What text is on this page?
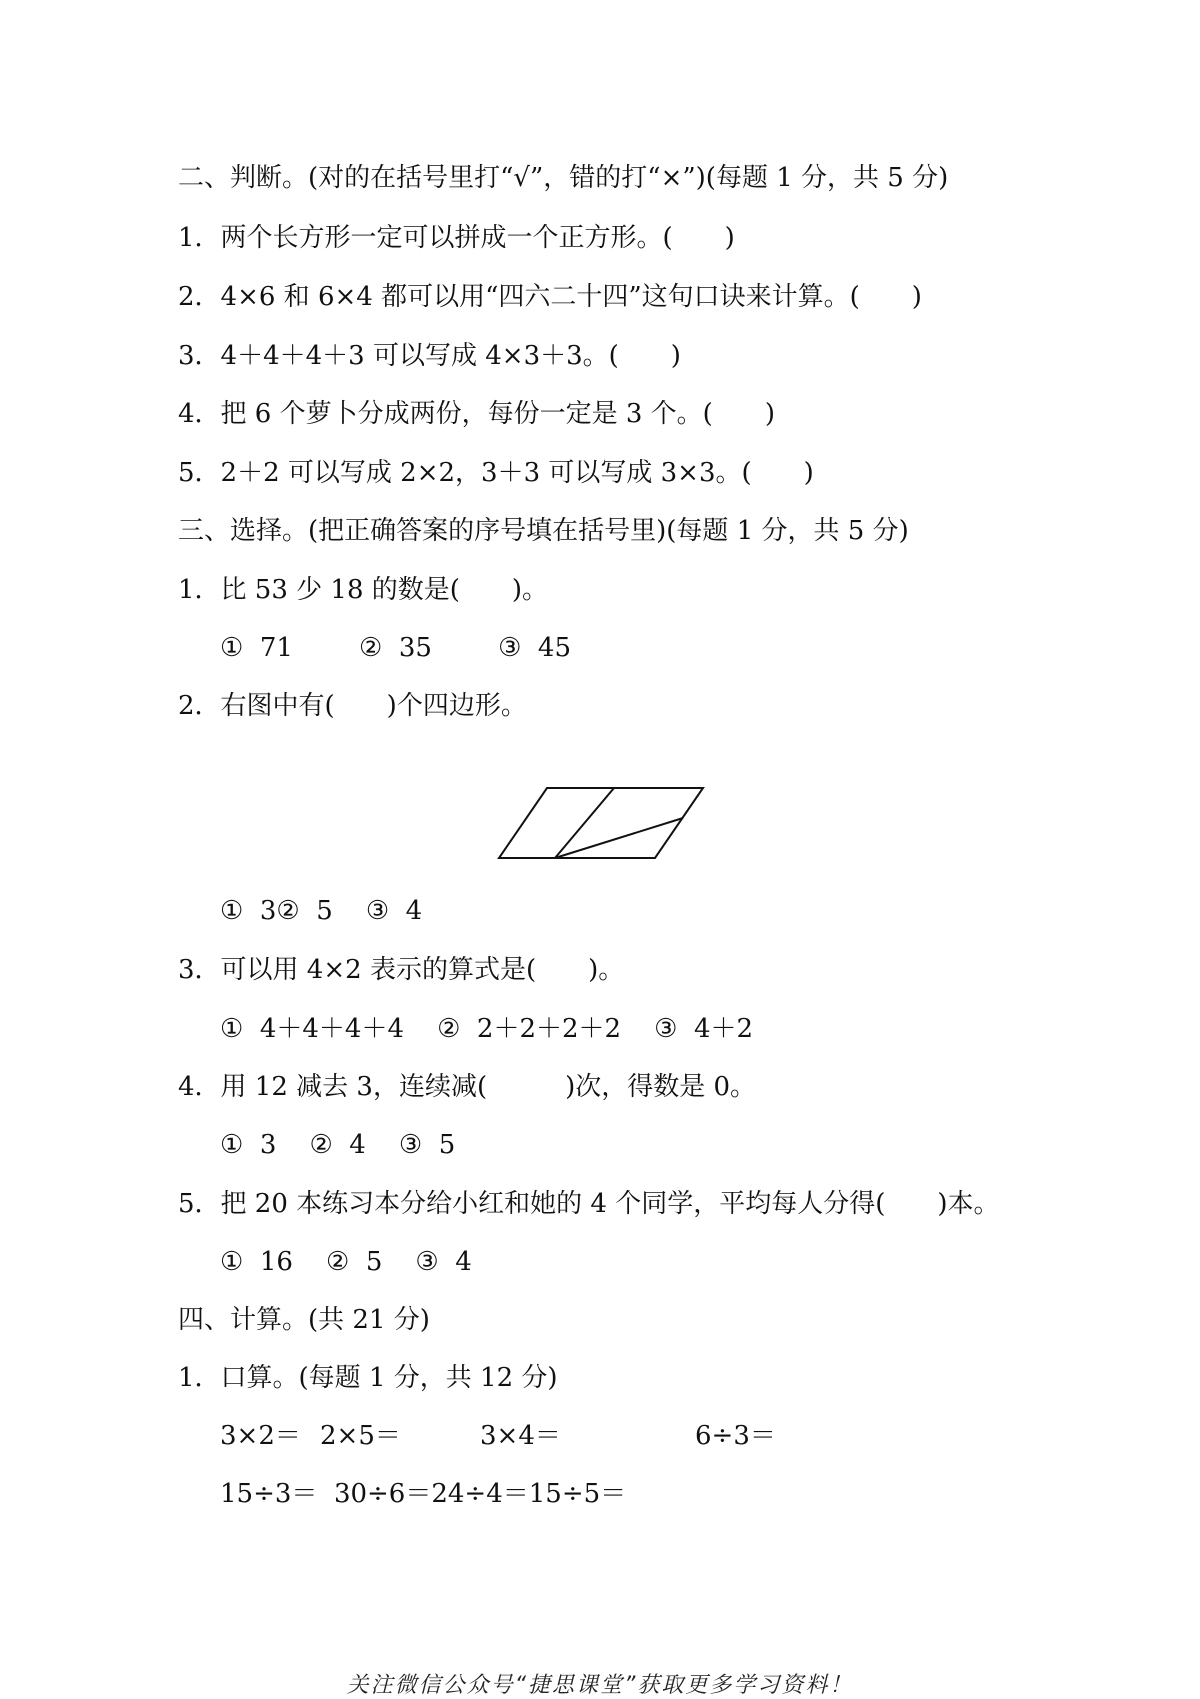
二、判断。(对的在括号里打“√”，错的打“×”)(每题 1 分，共 5 分)
1．两个长方形一定可以拼成一个正方形。(　　)
2．4×6 和 6×4 都可以用“四六二十四”这句口诀来计算。(　　)
3．4＋4＋4＋3 可以写成 4×3＋3。(　　)
4．把 6 个萝卜分成两份，每份一定是 3 个。(　　)
5．2＋2 可以写成 2×2，3＋3 可以写成 3×3。(　　)
三、选择。(把正确答案的序号填在括号里)(每题 1 分，共 5 分)
1．比 53 少 18 的数是(　　)。
①  71        ②  35        ③  45
2．右图中有(　　)个四边形。
①  3②  5    ③  4
3．可以用 4×2 表示的算式是(　　)。
①  4＋4＋4＋4    ②  2＋2＋2＋2    ③  4＋2
4．用 12 减去 3，连续减(　　　)次，得数是 0。
①  3    ②  4    ③  5
5．把 20 本练习本分给小红和她的 4 个同学，平均每人分得(　　)本。
①  16    ②  5    ③  4
四、计算。(共 21 分)
1．口算。(每题 1 分，共 12 分)
3×2＝ 2×5＝	3×4＝	6÷3＝
15÷3＝  30÷6＝24÷4＝15÷5＝
关注微信公众号“捷思课堂”获取更多学习资料！
